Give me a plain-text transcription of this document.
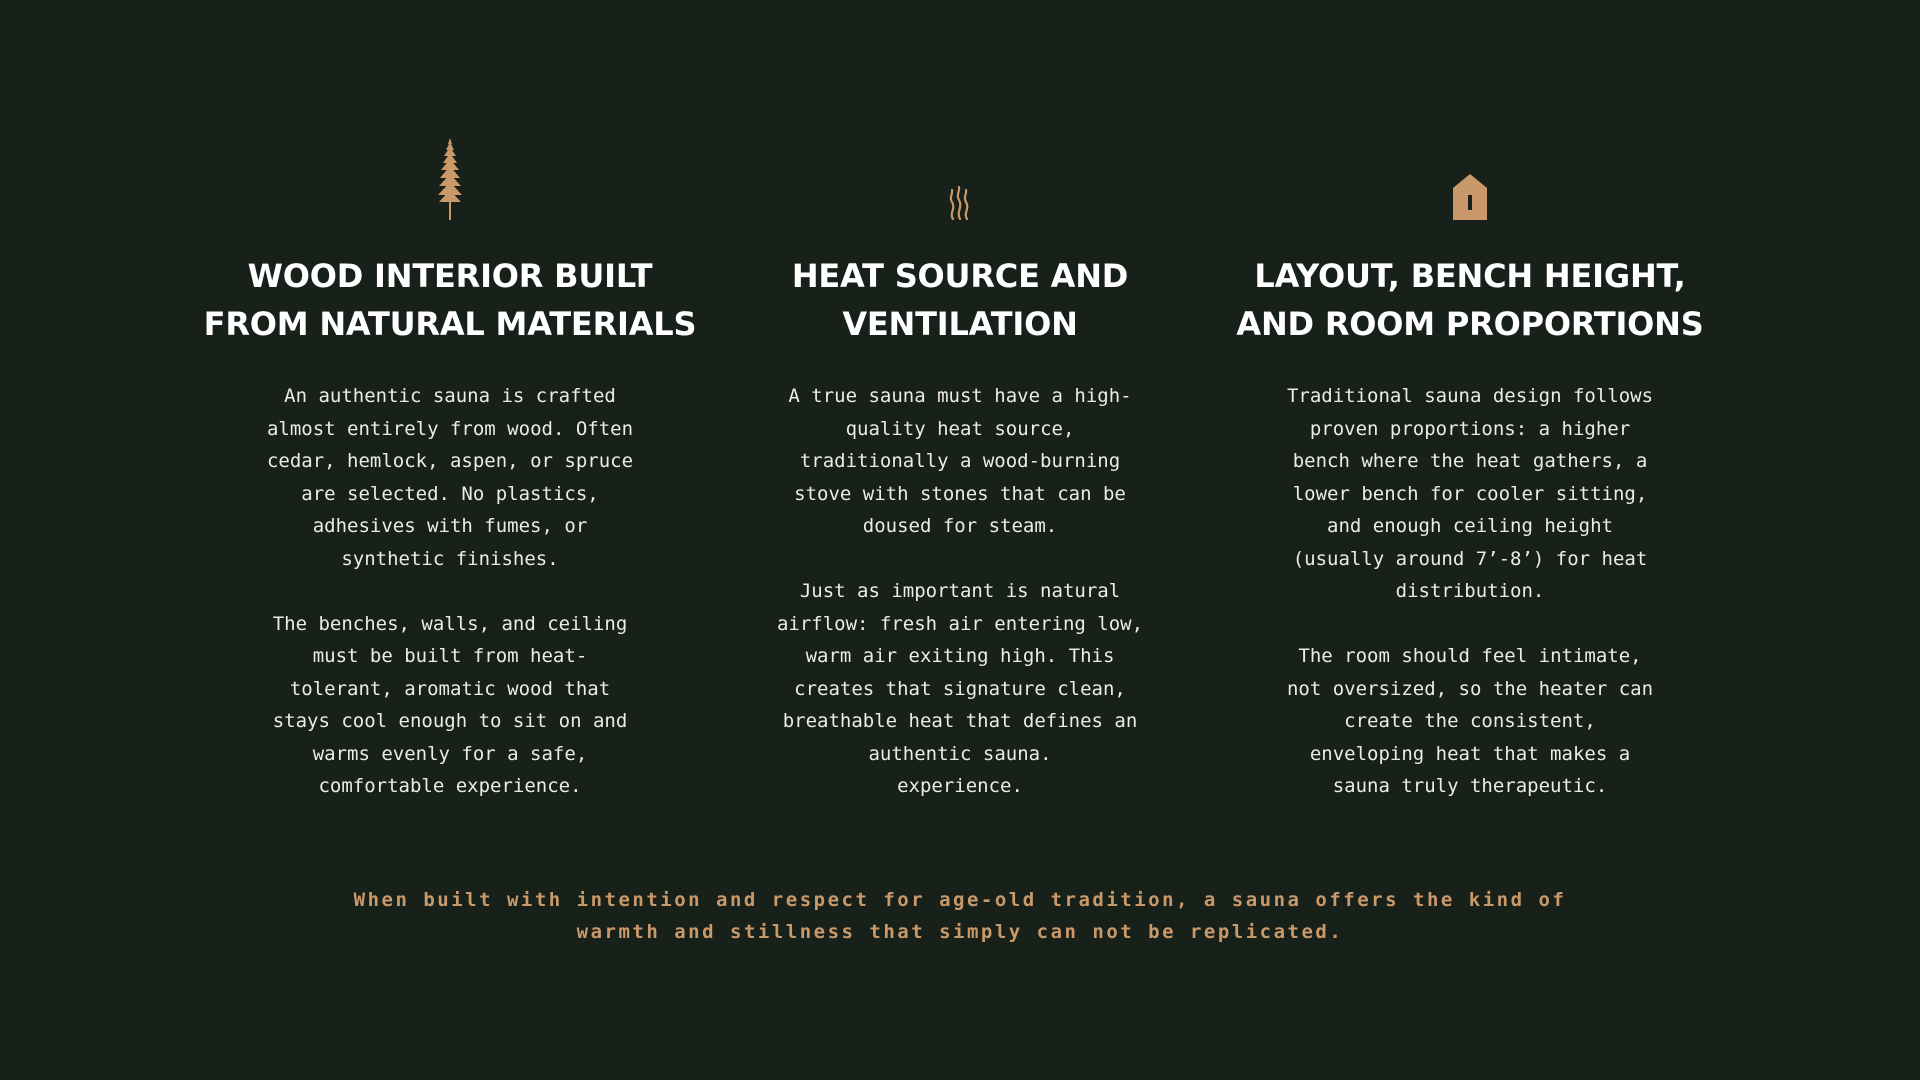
WOOD INTERIOR BUILT
FROM NATURAL MATERIALS

An authentic sauna is crafted
almost entirely from wood. Often
cedar, hemlock, aspen, or spruce
are selected. No plastics,
adhesives with fumes, or
synthetic finishes.

The benches, walls, and ceiling
must be built from heat-
tolerant, aromatic wood that
stays cool enough to sit on and
warms evenly for a safe,
comfortable experience.

HEAT SOURCE AND
VENTILATION

A true sauna must have a high-
quality heat source,
traditionally a wood-burning
stove with stones that can be
doused for steam.

Just as important is natural
airflow: fresh air entering low,
warm air exiting high. This
creates that signature clean,
breathable heat that defines an
authentic sauna.
experience.

LAYOUT, BENCH HEIGHT,
AND ROOM PROPORTIONS

Traditional sauna design follows
proven proportions: a higher
bench where the heat gathers, a
lower bench for cooler sitting,
and enough ceiling height
(usually around 7’-8’) for heat
distribution.

The room should feel intimate,
not oversized, so the heater can
create the consistent,
enveloping heat that makes a
sauna truly therapeutic.

When built with intention and respect for age-old tradition, a sauna offers the kind of
warmth and stillness that simply can not be replicated.
